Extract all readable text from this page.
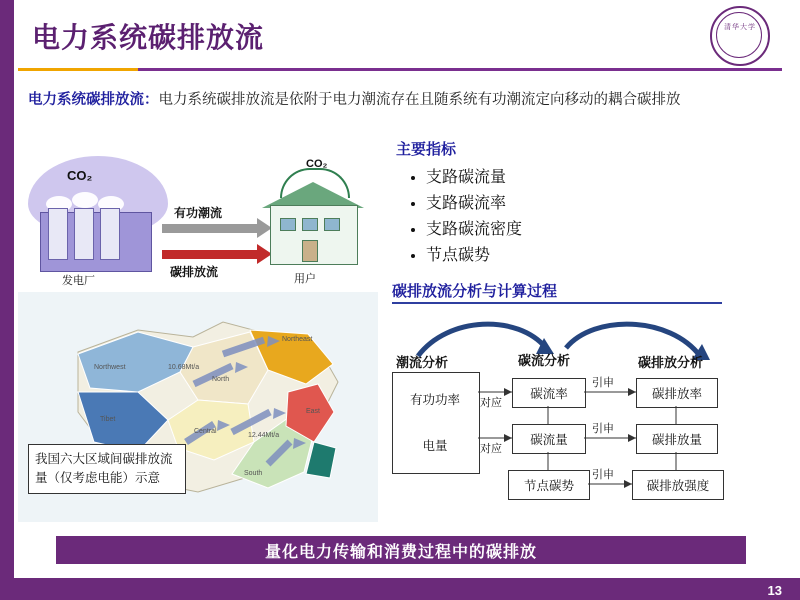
13
电力系统碳排放流	清华大学
电力系统碳排放流：电力系统碳排放流是依附于电力潮流存在且随系统有功潮流定向移动的耦合碳排放
CO₂
发电厂
有功潮流
碳排放流
CO₂
用户
Northeast
North
Northwest
Tibet
Central
South
East
10.68Mt/a
12.44Mt/a
我国六大区域间碳排放流量（仅考虑电能）示意
主要指标
• 支路碳流量
• 支路碳流率
• 支路碳流密度
• 节点碳势
碳排放流分析与计算过程
潮流分析	碳流分析	碳排放分析
有功功率
电量
碳流率
碳流量
节点碳势
碳排放率
碳排放量
碳排放强度
对应
对应
引申
引申
引申
量化电力传输和消费过程中的碳排放
